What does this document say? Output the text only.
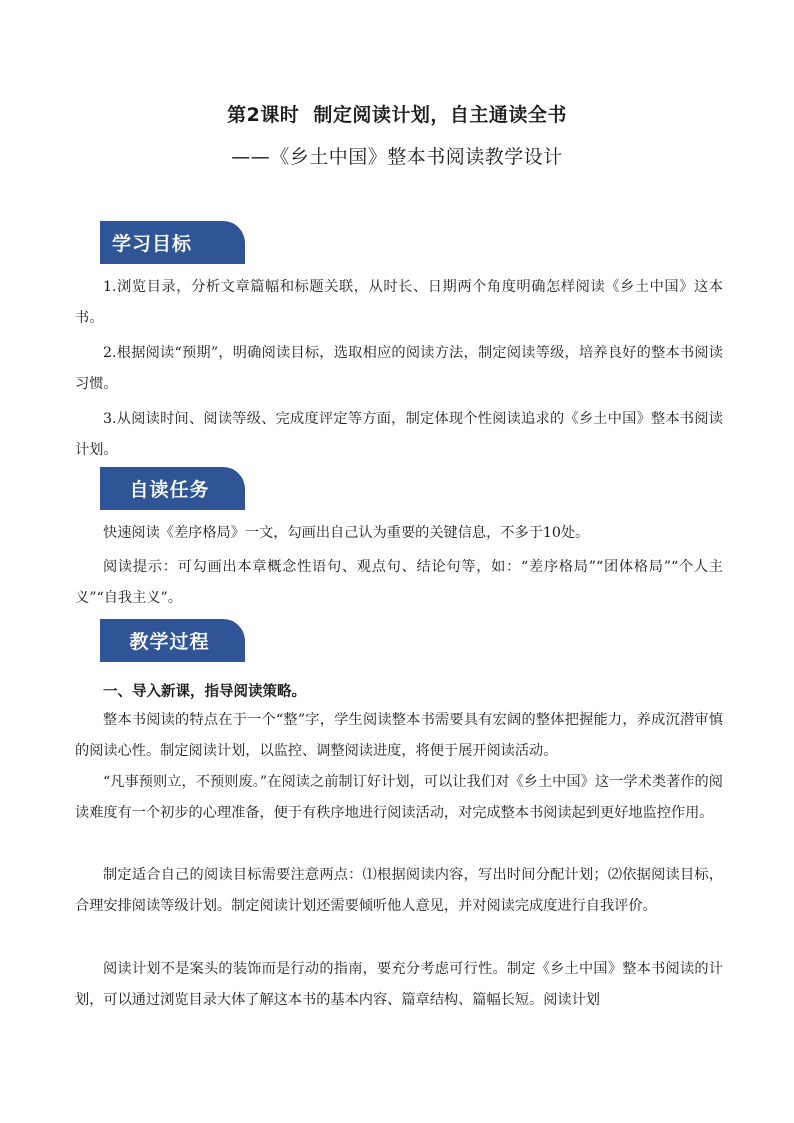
第2课时 制定阅读计划，自主通读全书
——《乡土中国》整本书阅读教学设计
学习目标

1.浏览目录，分析文章篇幅和标题关联，从时长、日期两个角度明确怎样阅读《乡土中国》这本书。

2.根据阅读“预期”，明确阅读目标，选取相应的阅读方法，制定阅读等级，培养良好的整本书阅读习惯。

3.从阅读时间、阅读等级、完成度评定等方面，制定体现个性阅读追求的《乡土中国》整本书阅读计划。

自读任务

快速阅读《差序格局》一文，勾画出自己认为重要的关键信息，不多于10处。

阅读提示：可勾画出本章概念性语句、观点句、结论句等，如：“差序格局”“团体格局”“个人主义”“自我主义”。

教学过程
一、导入新课，指导阅读策略。

整本书阅读的特点在于一个“整”字，学生阅读整本书需要具有宏阔的整体把握能力，养成沉潜审慎的阅读心性。制定阅读计划，以监控、调整阅读进度，将便于展开阅读活动。

“凡事预则立，不预则废。”在阅读之前制订好计划，可以让我们对《乡土中国》这一学术类著作的阅读难度有一个初步的心理准备，便于有秩序地进行阅读活动，对完成整本书阅读起到更好地监控作用。

制定适合自己的阅读目标需要注意两点：⑴根据阅读内容，写出时间分配计划；⑵依据阅读目标，合理安排阅读等级计划。制定阅读计划还需要倾听他人意见，并对阅读完成度进行自我评价。

阅读计划不是案头的装饰而是行动的指南，要充分考虑可行性。制定《乡土中国》整本书阅读的计划，可以通过浏览目录大体了解这本书的基本内容、篇章结构、篇幅长短。阅读计划
